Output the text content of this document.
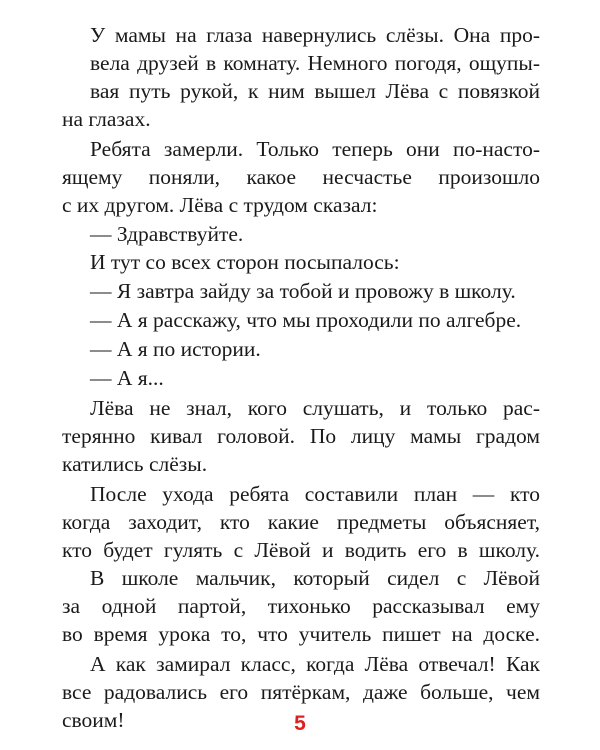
У мамы на глаза навернулись слёзы. Она про-
вела друзей в комнату. Немного погодя, ощупы-
вая путь рукой, к ним вышел Лёва с повязкой
на глазах.
Ребята замерли. Только теперь они по-насто-
ящему поняли, какое несчастье произошло
с их другом. Лёва с трудом сказал:
— Здравствуйте.
И тут со всех сторон посыпалось:
— Я завтра зайду за тобой и провожу в школу.
— А я расскажу, что мы проходили по алгебре.
— А я по истории.
— А я...
Лёва не знал, кого слушать, и только рас-
терянно кивал головой. По лицу мамы градом
катились слёзы.
После ухода ребята составили план — кто
когда заходит, кто какие предметы объясняет,
кто будет гулять с Лёвой и водить его в школу.
В школе мальчик, который сидел с Лёвой
за одной партой, тихонько рассказывал ему
во время урока то, что учитель пишет на доске.
А как замирал класс, когда Лёва отвечал! Как
все радовались его пятёркам, даже больше, чем
своим!	5
